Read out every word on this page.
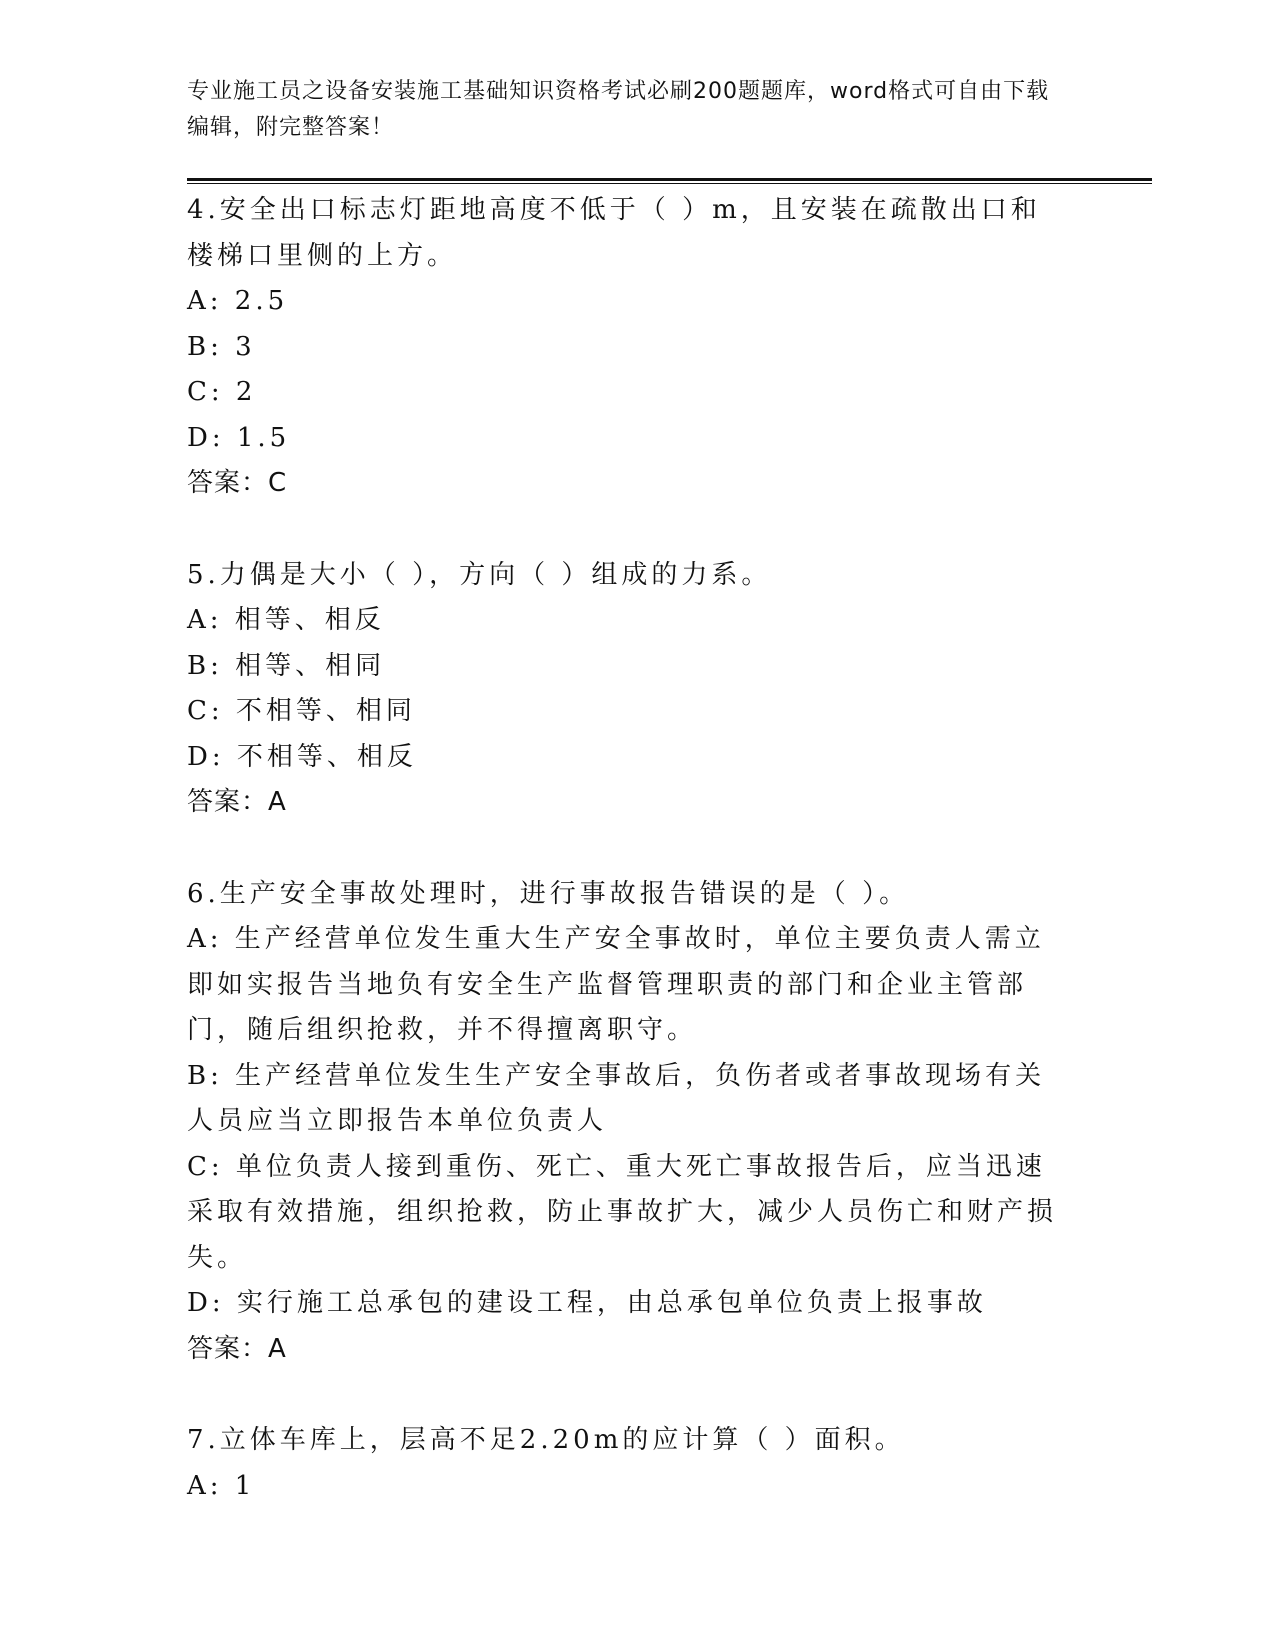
专业施工员之设备安装施工基础知识资格考试必刷200题题库，word格式可自由下载编辑，附完整答案！
4.安全出口标志灯距地高度不低于（ ）m，且安装在疏散出口和楼梯口里侧的上方。
A: 2.5
B: 3
C: 2
D: 1.5
答案：C
5.力偶是大小（ ），方向（ ）组成的力系。
A: 相等、相反
B: 相等、相同
C: 不相等、相同
D: 不相等、相反
答案：A
6.生产安全事故处理时，进行事故报告错误的是（ ）。
A: 生产经营单位发生重大生产安全事故时，单位主要负责人需立即如实报告当地负有安全生产监督管理职责的部门和企业主管部门，随后组织抢救，并不得擅离职守。
B: 生产经营单位发生生产安全事故后，负伤者或者事故现场有关人员应当立即报告本单位负责人
C: 单位负责人接到重伤、死亡、重大死亡事故报告后，应当迅速采取有效措施，组织抢救，防止事故扩大，减少人员伤亡和财产损失。
D: 实行施工总承包的建设工程，由总承包单位负责上报事故
答案：A
7.立体车库上，层高不足2.20m的应计算（ ）面积。
A: 1
